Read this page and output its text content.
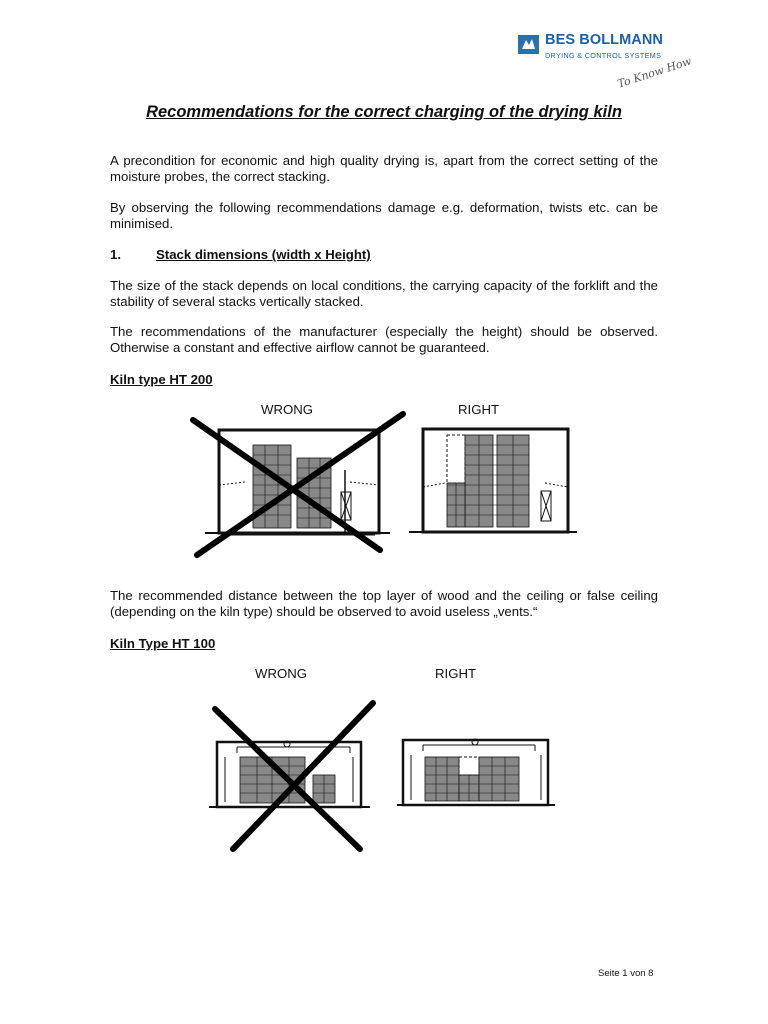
BES BOLLMANN
DRYING & CONTROL SYSTEMS
To Know How
Recommendations for the correct charging of the drying kiln
A precondition for economic and high quality drying is, apart from the correct setting of the moisture probes, the correct stacking.
By observing the following recommendations damage e.g. deformation, twists etc. can be minimised.
1.	Stack dimensions (width x Height)
The size of the stack depends on local conditions, the carrying capacity of the forklift and the stability of several stacks vertically stacked.
The recommendations of the manufacturer (especially the height) should be observed. Otherwise a constant and effective airflow cannot be guaranteed.
Kiln type HT 200
WRONG	RIGHT
The recommended distance between the top layer of wood and the ceiling or false ceiling (depending on the kiln type) should be observed to avoid useless „vents.“
Kiln Type HT 100
WRONG	RIGHT
Seite 1 von 8
